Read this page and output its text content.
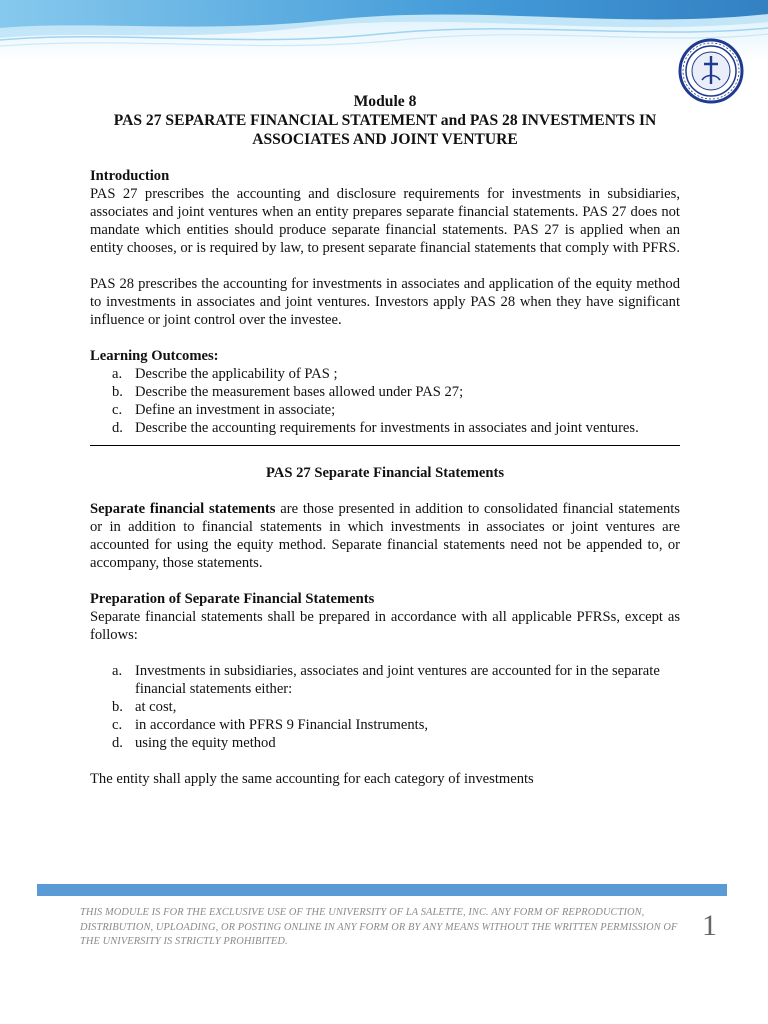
Module 8
PAS 27 SEPARATE FINANCIAL STATEMENT and PAS 28 INVESTMENTS IN
ASSOCIATES AND JOINT VENTURE
Introduction

PAS 27 prescribes the accounting and disclosure requirements for investments in subsidiaries, associates and joint ventures when an entity prepares separate financial statements. PAS 27 does not mandate which entities should produce separate financial statements. PAS 27 is applied when an entity chooses, or is required by law, to present separate financial statements that comply with PFRS.

PAS 28 prescribes the accounting for investments in associates and application of the equity method to investments in associates and joint ventures. Investors apply PAS 28 when they have significant influence or joint control over the investee.

Learning Outcomes:
a. Describe the applicability of PAS ;
b. Describe the measurement bases allowed under PAS 27;
c. Define an investment in associate;
d. Describe the accounting requirements for investments in associates and joint ventures.
PAS 27 Separate Financial Statements

Separate financial statements are those presented in addition to consolidated financial statements or in addition to financial statements in which investments in associates or joint ventures are accounted for using the equity method. Separate financial statements need not be appended to, or accompany, those statements.

Preparation of Separate Financial Statements

Separate financial statements shall be prepared in accordance with all applicable PFRSs, except as follows:

a. Investments in subsidiaries, associates and joint ventures are accounted for in the separate financial statements either:
b. at cost,
c. in accordance with PFRS 9 Financial Instruments,
d. using the equity method

The entity shall apply the same accounting for each category of investments

THIS MODULE IS FOR THE EXCLUSIVE USE OF THE UNIVERSITY OF LA SALETTE, INC. ANY FORM OF REPRODUCTION, DISTRIBUTION, UPLOADING, OR POSTING ONLINE IN ANY FORM OR BY ANY MEANS WITHOUT THE WRITTEN PERMISSION OF THE UNIVERSITY IS STRICTLY PROHIBITED.	1
